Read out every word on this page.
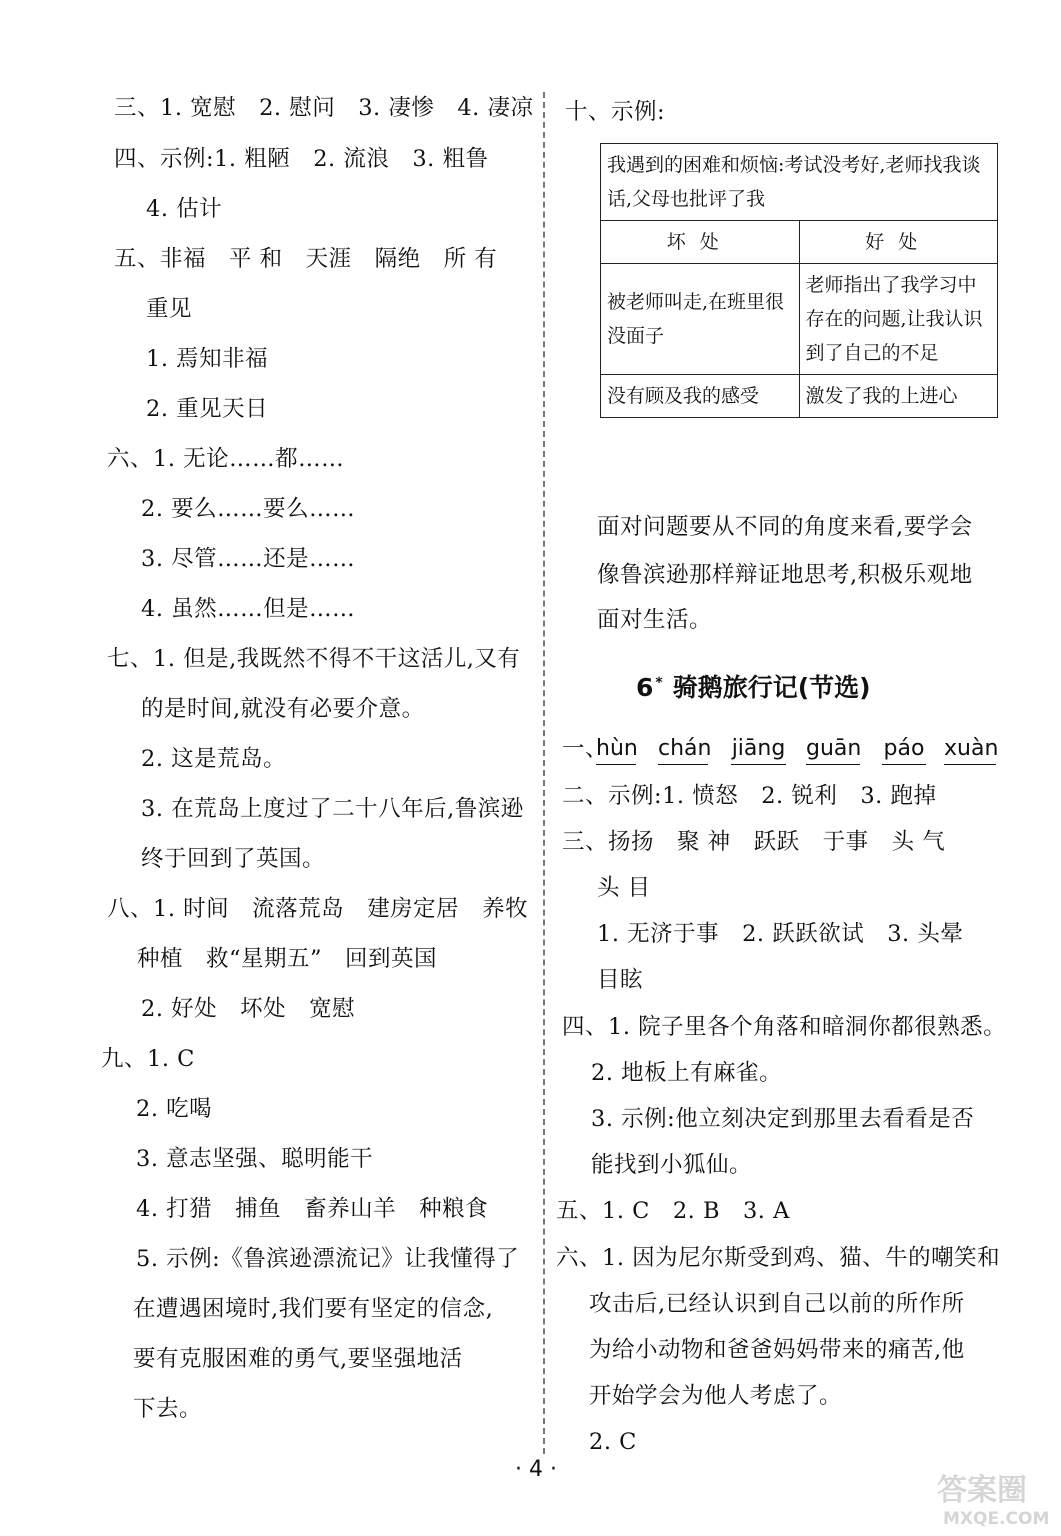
三、1. 宽慰　2. 慰问　3. 凄惨　4. 凄凉
四、示例:1. 粗陋　2. 流浪　3. 粗鲁
4. 估计
五、非福　平 和　天涯　隔绝　所 有
重见
1. 焉知非福
2. 重见天日
六、1. 无论……都……
2. 要么……要么……
3. 尽管……还是……
4. 虽然……但是……
七、1. 但是,我既然不得不干这活儿,又有
的是时间,就没有必要介意。
2. 这是荒岛。
3. 在荒岛上度过了二十八年后,鲁滨逊
终于回到了英国。
八、1. 时间　流落荒岛　建房定居　养牧
种植　救“星期五”　回到英国
2. 好处　坏处　宽慰
九、1. C
2. 吃喝
3. 意志坚强、聪明能干
4. 打猎　捕鱼　畜养山羊　种粮食
5. 示例:《鲁滨逊漂流记》让我懂得了
在遭遇困境时,我们要有坚定的信念,
要有克服困难的勇气,要坚强地活
下去。
十、示例:
我遇到的困难和烦恼:考试没考好,老师找我谈话,父母也批评了我	
坏处	好处
被老师叫走,在班里很没面子	老师指出了我学习中存在的问题,让我认识到了自己的不足
没有顾及我的感受	激发了我的上进心
面对问题要从不同的角度来看,要学会
像鲁滨逊那样辩证地思考,积极乐观地
面对生活。
6 * 骑鹅旅行记(节选)
一、
hùn chán jiāng guān páo xuàn
二、示例:1. 愤怒　2. 锐利　3. 跑掉
三、扬扬　聚 神　跃跃　于事　头 气
头 目
1. 无济于事　2. 跃跃欲试　3. 头晕
目眩
四、1. 院子里各个角落和暗洞你都很熟悉。
2. 地板上有麻雀。
3. 示例:他立刻决定到那里去看看是否
能找到小狐仙。
五、1. C　2. B　3. A
六、1. 因为尼尔斯受到鸡、猫、牛的嘲笑和
攻击后,已经认识到自己以前的所作所
为给小动物和爸爸妈妈带来的痛苦,他
开始学会为他人考虑了。
2. C
· 4 ·
答案圈
MXQE.COM
